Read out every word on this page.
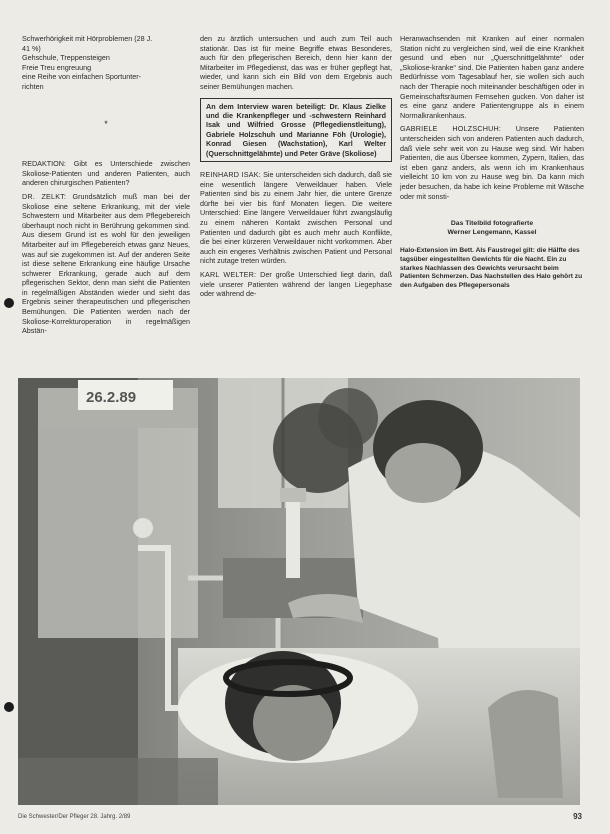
Schwerhörigkeit mit Hörproblemen (28 J.
41 %)
Gehschule, Treppensteigen
Freie Treu engreuung
eine Reihe von einfachen Sportunter-
richten
*

REDAKTION: Gibt es Unterschiede zwischen Skoliose-Patienten und anderen Patienten, auch anderen chirurgischen Patienten?

DR. ZELKT: Grundsätzlich muß man bei der Skoliose eine seltene Erkrankung, mit der viele Schwestern und Mitarbeiter aus dem Pflegebereich überhaupt noch nicht in Berührung gekommen sind. Aus diesem Grund ist es wohl für den jeweiligen Mitarbeiter auf im Pflegebereich etwas ganz Neues, was auf sie zugekommen ist. Auf der anderen Seite ist diese seltene Erkrankung eine häufige Ursache schwerer Erkrankung, gerade auch auf dem pflegerischen Sektor, denn man sieht die Patienten in regelmäßigen Abständen wieder und sieht das Ergebnis seiner therapeutischen und pflegerischen Bemühungen. Die Patienten werden nach der Skoliose-Korrekturoperation in regelmäßigen Abstän-

den zu ärztlich untersuchen und auch zum Teil auch stationär. Das ist für meine Begriffe etwas Besonderes, auch für den pflegerischen Bereich, denn hier kann der Mitarbeiter im Pflegedienst, das was er früher gepflegt hat, wieder, und kann sich ein Bild von dem Ergebnis auch seiner Bemühungen machen.

An dem Interview waren beteiligt: Dr. Klaus Zielke und die Krankenpfleger und -schwestern Reinhard Isak und Wilfried Grosse (Pflegedienstleitung), Gabriele Holzschuh und Marianne Föh (Urologie), Konrad Giesen (Wachstation), Karl Welter (Querschnittgelähmte) und Peter Gräve (Skoliose)

REINHARD ISAK: Sie unterscheiden sich dadurch, daß sie eine wesentlich längere Verweildauer haben. Viele Patienten sind bis zu einem Jahr hier, die untere Grenze dürfte bei vier bis fünf Monaten liegen. Die weitere Unterschied: Eine längere Verweildauer führt zwangsläufig zu einem näheren Kontakt zwischen Personal und Patienten und dadurch gibt es auch mehr auch Konflikte, die bei einer kürzeren Verweildauer nicht vorkommen. Aber auch ein engeres Verhältnis zwischen Patient und Personal nicht zutage treten würden.

KARL WELTER: Der große Unterschied liegt darin, daß viele unserer Patienten während der langen Liegephase oder während de-

Heranwachsenden mit Kranken auf einer normalen Station nicht zu vergleichen sind, weil die eine Krankheit gesund und eben nur „Querschnittgelähmte“ oder „Skoliose-kranke“ sind. Die Patienten haben ganz andere Bedürfnisse vom Tagesablauf her, sie wollen sich auch nach der Therapie noch miteinander beschäftigen oder in Gemeinschaftsräumen Fernsehen gucken. Von daher ist es eine ganz andere Patientengruppe als in einem Normalkrankenhaus.

GABRIELE HOLZSCHUH: Unsere Patienten unterscheiden sich von anderen Patienten auch dadurch, daß viele sehr weit von zu Hause weg sind. Wir haben Patienten, die aus Übersee kommen, Zypern, Italien, das ist eben ganz anders, als wenn ich im Krankenhaus vielleicht 10 km von zu Hause weg bin. Da kann mich jeder besuchen, da habe ich keine Probleme mit Wäsche oder mit sonsti-

Das Titelbild fotografierte
Werner Lengemann, Kassel
Halo-Extension im Bett. Als Faustregel gilt: die Hälfte des tagsüber eingestellten Gewichts für die Nacht. Ein zu starkes Nachlassen des Gewichts verursacht beim Patienten Schmerzen. Das Nachstellen des Halo gehört zu den Aufgaben des Pflegepersonals
26.2.89
Die Schwester/Der Pfleger 28. Jahrg. 2/89	93
